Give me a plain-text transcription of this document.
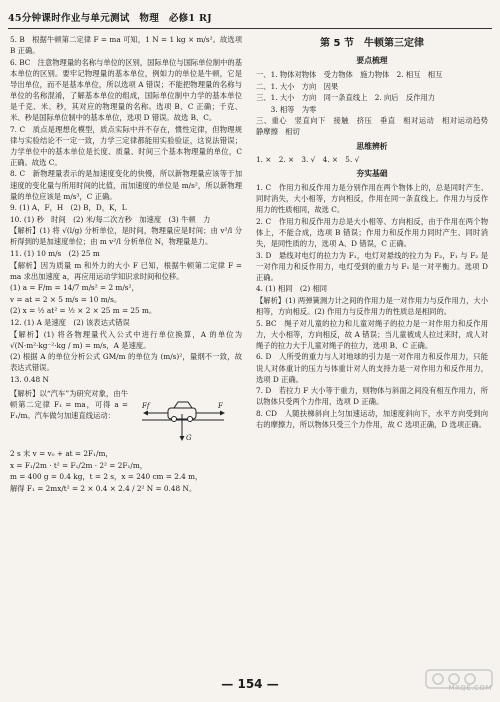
45分钟课时作业与单元测试　物理　必修1 RJ

5. B　根据牛顿第二定律 F = ma 可知，1 N = 1 kg × m/s²。故选项 B 正确。

6. BC　注意物理量的名称与单位的区别，国际单位与国际单位制中的基本单位的区别。要牢记物理量的基本单位，例如力的单位是牛顿，它是导出单位，而不是基本单位，所以选项 A 错误；不能把物理量的名称与单位的名称混淆，了解基本单位的组成，国际单位制中力学的基本单位是千克、米、秒，其对应的物理量的名称。选项 B、C 正确；千克、米、秒是国际单位制中的基本单位，选项 D 错误。故选 B、C。

7. C　质点是理想化模型，质点实际中并不存在，惯性定律，但物理规律与实验结论不一定一致，力学三定律都能用实验验证，这说法错误；力学单位中的基本单位是长度、质量、时间三个基本物理量的单位，C 正确。故选 C。

8. C　新物理量表示的是加速度变化的快慢，所以新物理量应该等于加速度的变化量与所用时间的比值，而加速度的单位是 m/s²，所以新物理量的单位应该是 m/s³，C 正确。

9. (1) A，F，H　(2) B，D，K，L

10. (1) 秒　时间　(2) 米/每二次方秒　加速度　(3) 牛顿　力

【解析】(1) 将 √(l/g) 分析单位，是时间，物理量应是时间；由 v²/l 分析得到的是加速度单位；由 m v²/l 分析单位 N，物理量是力。

11. (1) 10 m/s　(2) 25 m

【解析】因为质量 m 和外力的大小 F 已知，根据牛顿第二定律 F = ma 求出加速度 a，再应用运动学知识求时间和位移。

(1) a = F/m = 14/7 m/s² = 2 m/s²，

v = at = 2 × 5 m/s = 10 m/s。

(2) x = ½ at² = ½ × 2 × 25 m = 25 m。

12. (1) A 是速度　(2) 该表达式错误

【解析】(1) 将各物理量代入公式中进行单位换算，A 的单位为 √(N·m²·kg⁻²·kg / m) = m/s，A 是速度。

(2) 根据 A 的单位分析公式 GM/m 的单位为 (m/s)²，量纲不一致，故表达式错误。

13. 0.48 N

【解析】以“汽车”为研究对象，由牛顿第二定律 F₁ = ma，可得 a = F₁/m。汽车做匀加速直线运动：
F
Ff
G

2 s 末 v = v₀ + at = 2F₁/m，

x = F₁/2m · t² = F₁/2m · 2² = 2F₁/m，

m = 400 g = 0.4 kg，t = 2 s，x = 240 cm = 2.4 m，

解得 F₁ = 2mx/t² = 2 × 0.4 × 2.4 / 2² N = 0.48 N。

第 5 节　牛顿第三定律
要点梳理

一、1. 物体对物体　受力物体　施力物体　2. 相互　相互

二、1. 大小　方向　因果

三、1. 大小　方向　同一条直线上　2. 向后　反作用力

　　3. 相等　为零

三、重心　竖直向下　接触　挤压　垂直　相对运动　相对运动趋势　静摩擦　相切

思维辨析

1. ×　2. ×　3. √　4. ×　5. √

夯实基础

1. C　作用力和反作用力是分别作用在两个物体上的，总是同时产生、同时消失，大小相等，方向相反，作用在同一条直线上。作用力与反作用力的性质相同，故选 C。

2. C　作用力和反作用力总是大小相等、方向相反，由于作用在两个物体上，不能合成，选项 B 错误；作用力和反作用力同时产生、同时消失，是同性质的力，选项 A、D 错误，C 正确。

3. D　悬线对电灯的拉力为 F₁，电灯对悬线的拉力为 F₂，F₁ 与 F₂ 是一对作用力和反作用力，电灯受到的重力与 F₁ 是一对平衡力。选项 D 正确。

4. (1) 相同　(2) 相同

【解析】(1) 两弹簧测力计之间的作用力是一对作用力与反作用力，大小相等，方向相反。(2) 作用力与反作用力的性质总是相同的。

5. BC　绳子对儿童的拉力和儿童对绳子的拉力是一对作用力和反作用力，大小相等，方向相反，故 A 错误；当儿童被成人拉过来时，成人对绳子的拉力大于儿童对绳子的拉力，选项 B、C 正确。

6. D　人所受的重力与人对地球的引力是一对作用力和反作用力，只能说人对体重计的压力与体重计对人的支持力是一对作用力和反作用力，选项 D 正确。

7. D　若拉力 F 大小等于重力，则物体与斜面之间没有相互作用力，所以物体只受两个力作用，选项 D 正确。

8. CD　人随扶梯斜向上匀加速运动，加速度斜向下，水平方向受到向右的摩擦力，所以物体只受三个力作用，故 C 选项正确，D 选项正确。

— 154 —	MXQE.COM
